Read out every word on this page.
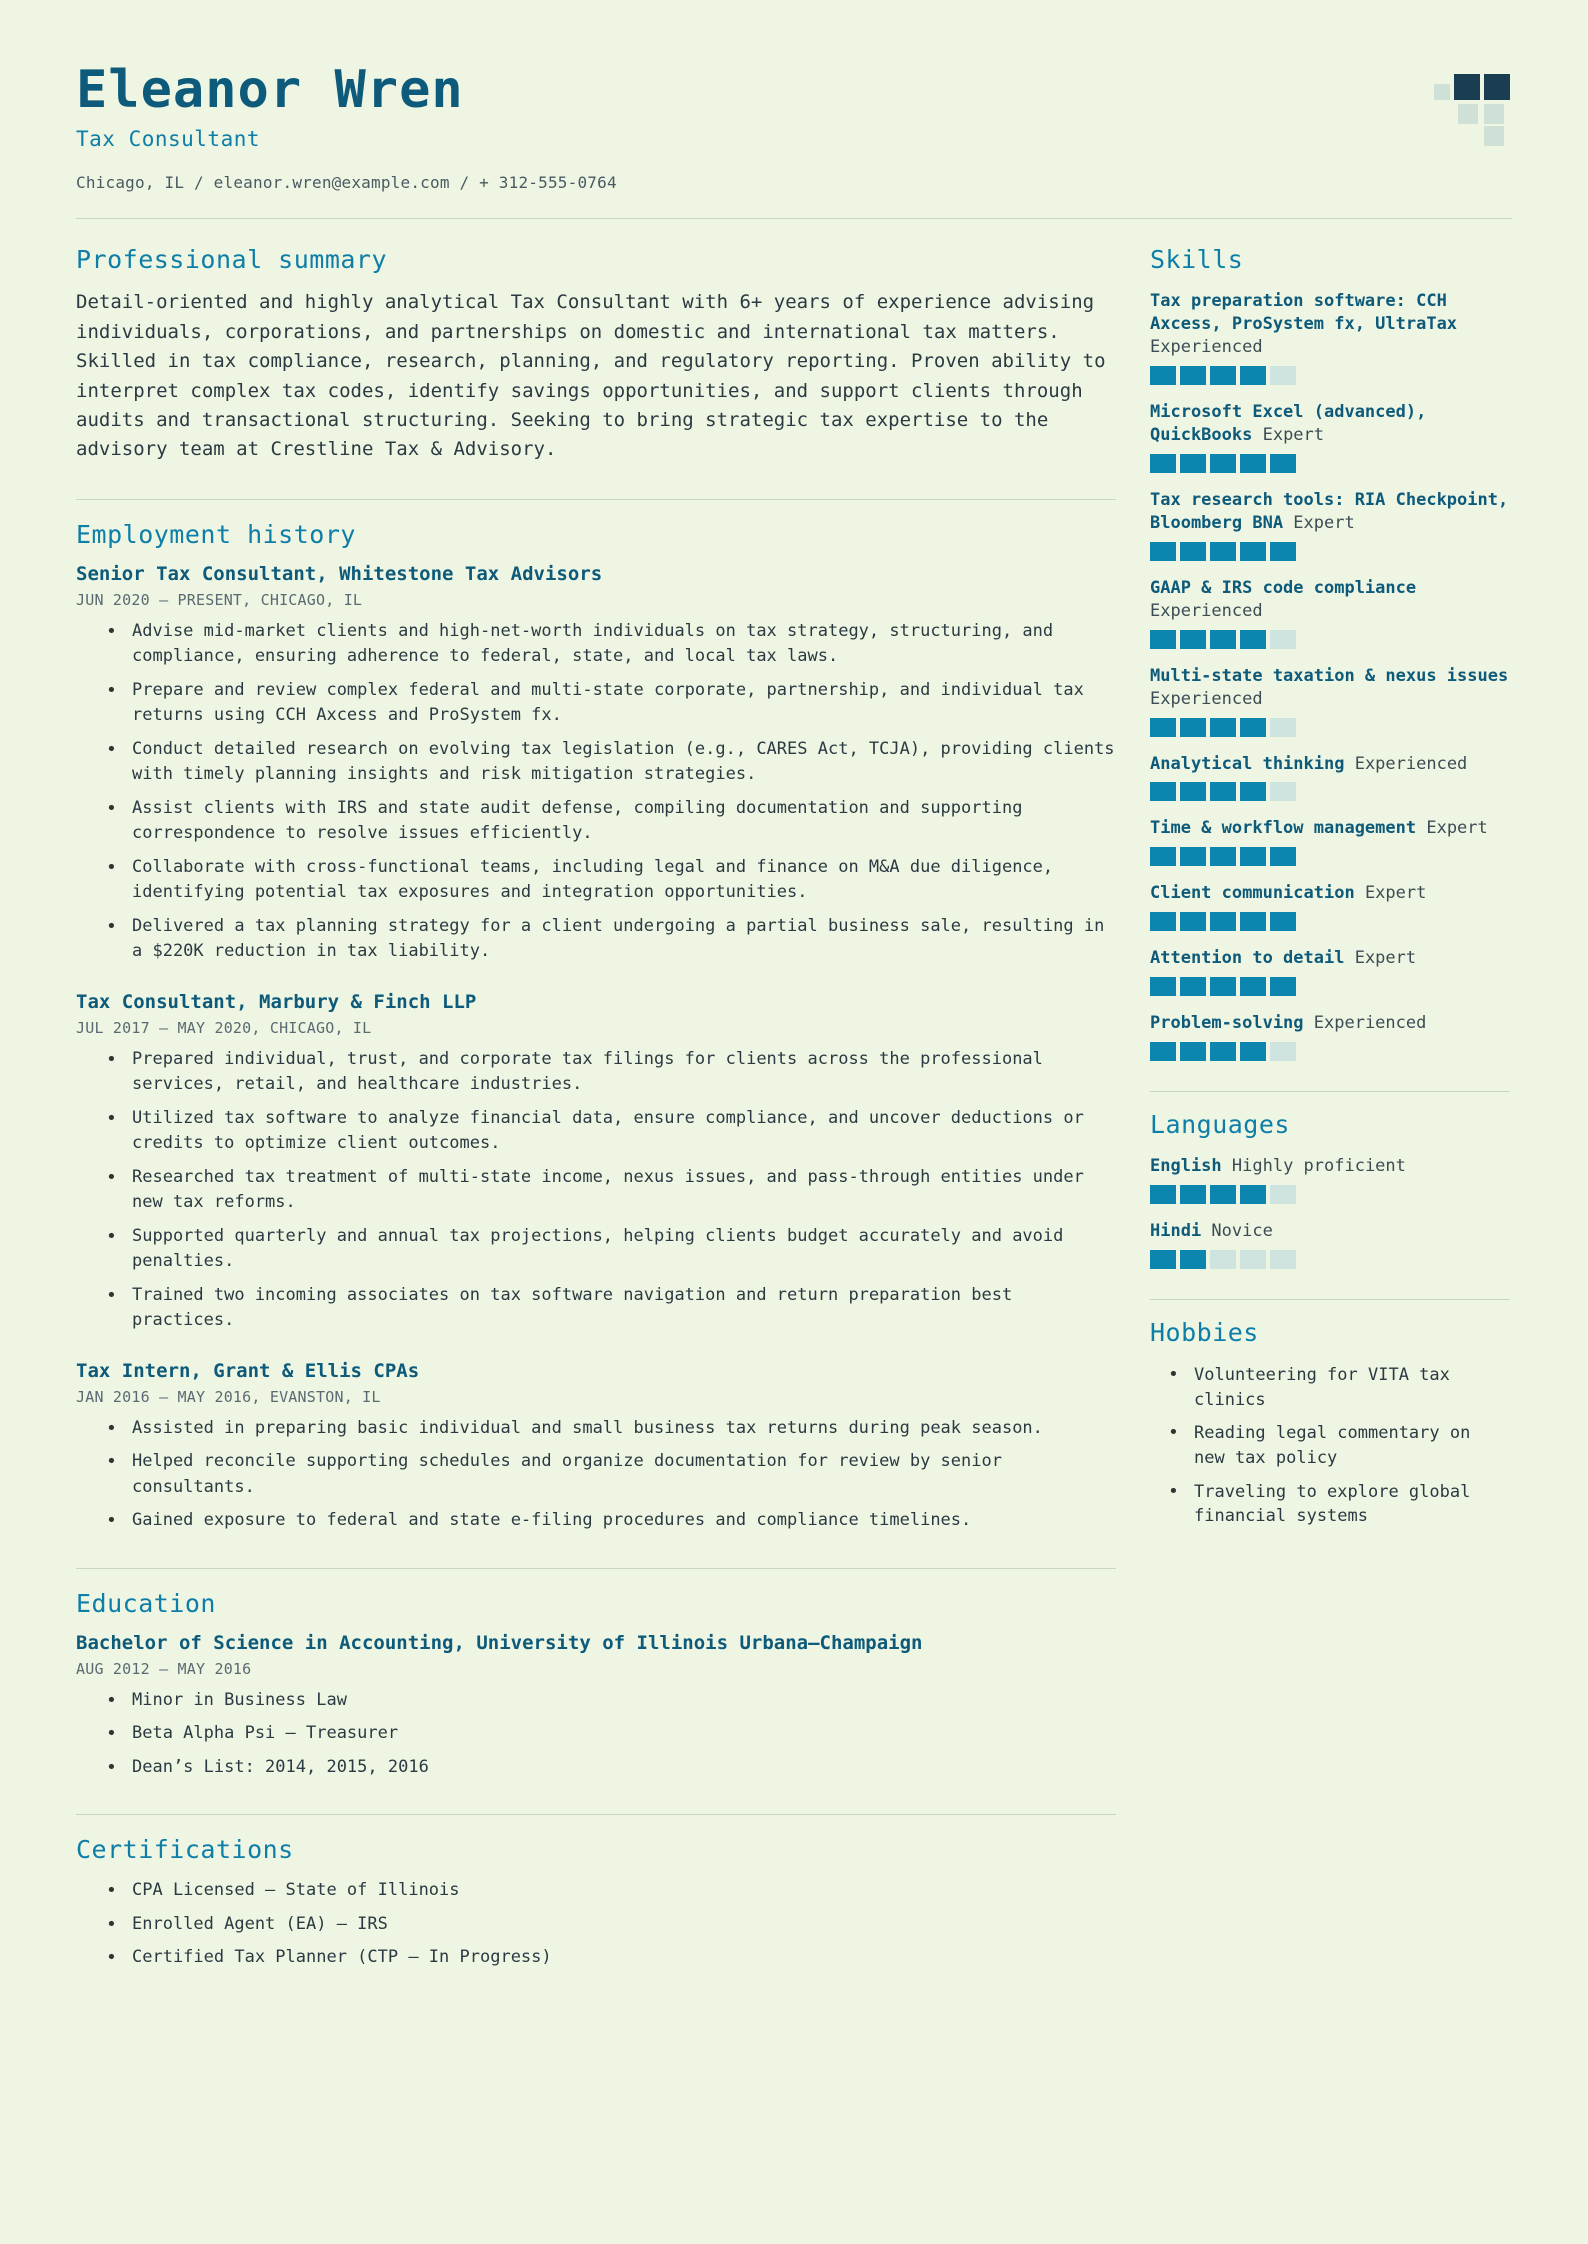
Eleanor Wren
Tax Consultant
Chicago, IL / eleanor.wren@example.com / + 312-555-0764
Professional summary

Detail-oriented and highly analytical Tax Consultant with 6+ years of experience advising individuals, corporations, and partnerships on domestic and international tax matters. Skilled in tax compliance, research, planning, and regulatory reporting. Proven ability to interpret complex tax codes, identify savings opportunities, and support clients through audits and transactional structuring. Seeking to bring strategic tax expertise to the advisory team at Crestline Tax & Advisory.

Employment history
Senior Tax Consultant, Whitestone Tax Advisors
JUN 2020 – PRESENT, CHICAGO, IL
• Advise mid-market clients and high-net-worth individuals on tax strategy, structuring, and compliance, ensuring adherence to federal, state, and local tax laws.
• Prepare and review complex federal and multi-state corporate, partnership, and individual tax returns using CCH Axcess and ProSystem fx.
• Conduct detailed research on evolving tax legislation (e.g., CARES Act, TCJA), providing clients with timely planning insights and risk mitigation strategies.
• Assist clients with IRS and state audit defense, compiling documentation and supporting correspondence to resolve issues efficiently.
• Collaborate with cross-functional teams, including legal and finance on M&A due diligence, identifying potential tax exposures and integration opportunities.
• Delivered a tax planning strategy for a client undergoing a partial business sale, resulting in a $220K reduction in tax liability.
Tax Consultant, Marbury & Finch LLP
JUL 2017 – MAY 2020, CHICAGO, IL
• Prepared individual, trust, and corporate tax filings for clients across the professional services, retail, and healthcare industries.
• Utilized tax software to analyze financial data, ensure compliance, and uncover deductions or credits to optimize client outcomes.
• Researched tax treatment of multi-state income, nexus issues, and pass-through entities under new tax reforms.
• Supported quarterly and annual tax projections, helping clients budget accurately and avoid penalties.
• Trained two incoming associates on tax software navigation and return preparation best practices.
Tax Intern, Grant & Ellis CPAs
JAN 2016 – MAY 2016, EVANSTON, IL
• Assisted in preparing basic individual and small business tax returns during peak season.
• Helped reconcile supporting schedules and organize documentation for review by senior consultants.
• Gained exposure to federal and state e-filing procedures and compliance timelines.
Education
Bachelor of Science in Accounting, University of Illinois Urbana–Champaign
AUG 2012 – MAY 2016
• Minor in Business Law
• Beta Alpha Psi — Treasurer
• Dean’s List: 2014, 2015, 2016
Certifications
• CPA Licensed — State of Illinois
• Enrolled Agent (EA) — IRS
• Certified Tax Planner (CTP — In Progress)
Skills
Tax preparation software: CCH Axcess, ProSystem fx, UltraTax Experienced
Microsoft Excel (advanced), QuickBooks Expert
Tax research tools: RIA Checkpoint, Bloomberg BNA Expert
GAAP & IRS code compliance Experienced
Multi-state taxation & nexus issues Experienced
Analytical thinking Experienced
Time & workflow management Expert
Client communication Expert
Attention to detail Expert
Problem-solving Experienced
Languages
English Highly proficient
Hindi Novice
Hobbies
• Volunteering for VITA tax clinics
• Reading legal commentary on new tax policy
• Traveling to explore global financial systems
